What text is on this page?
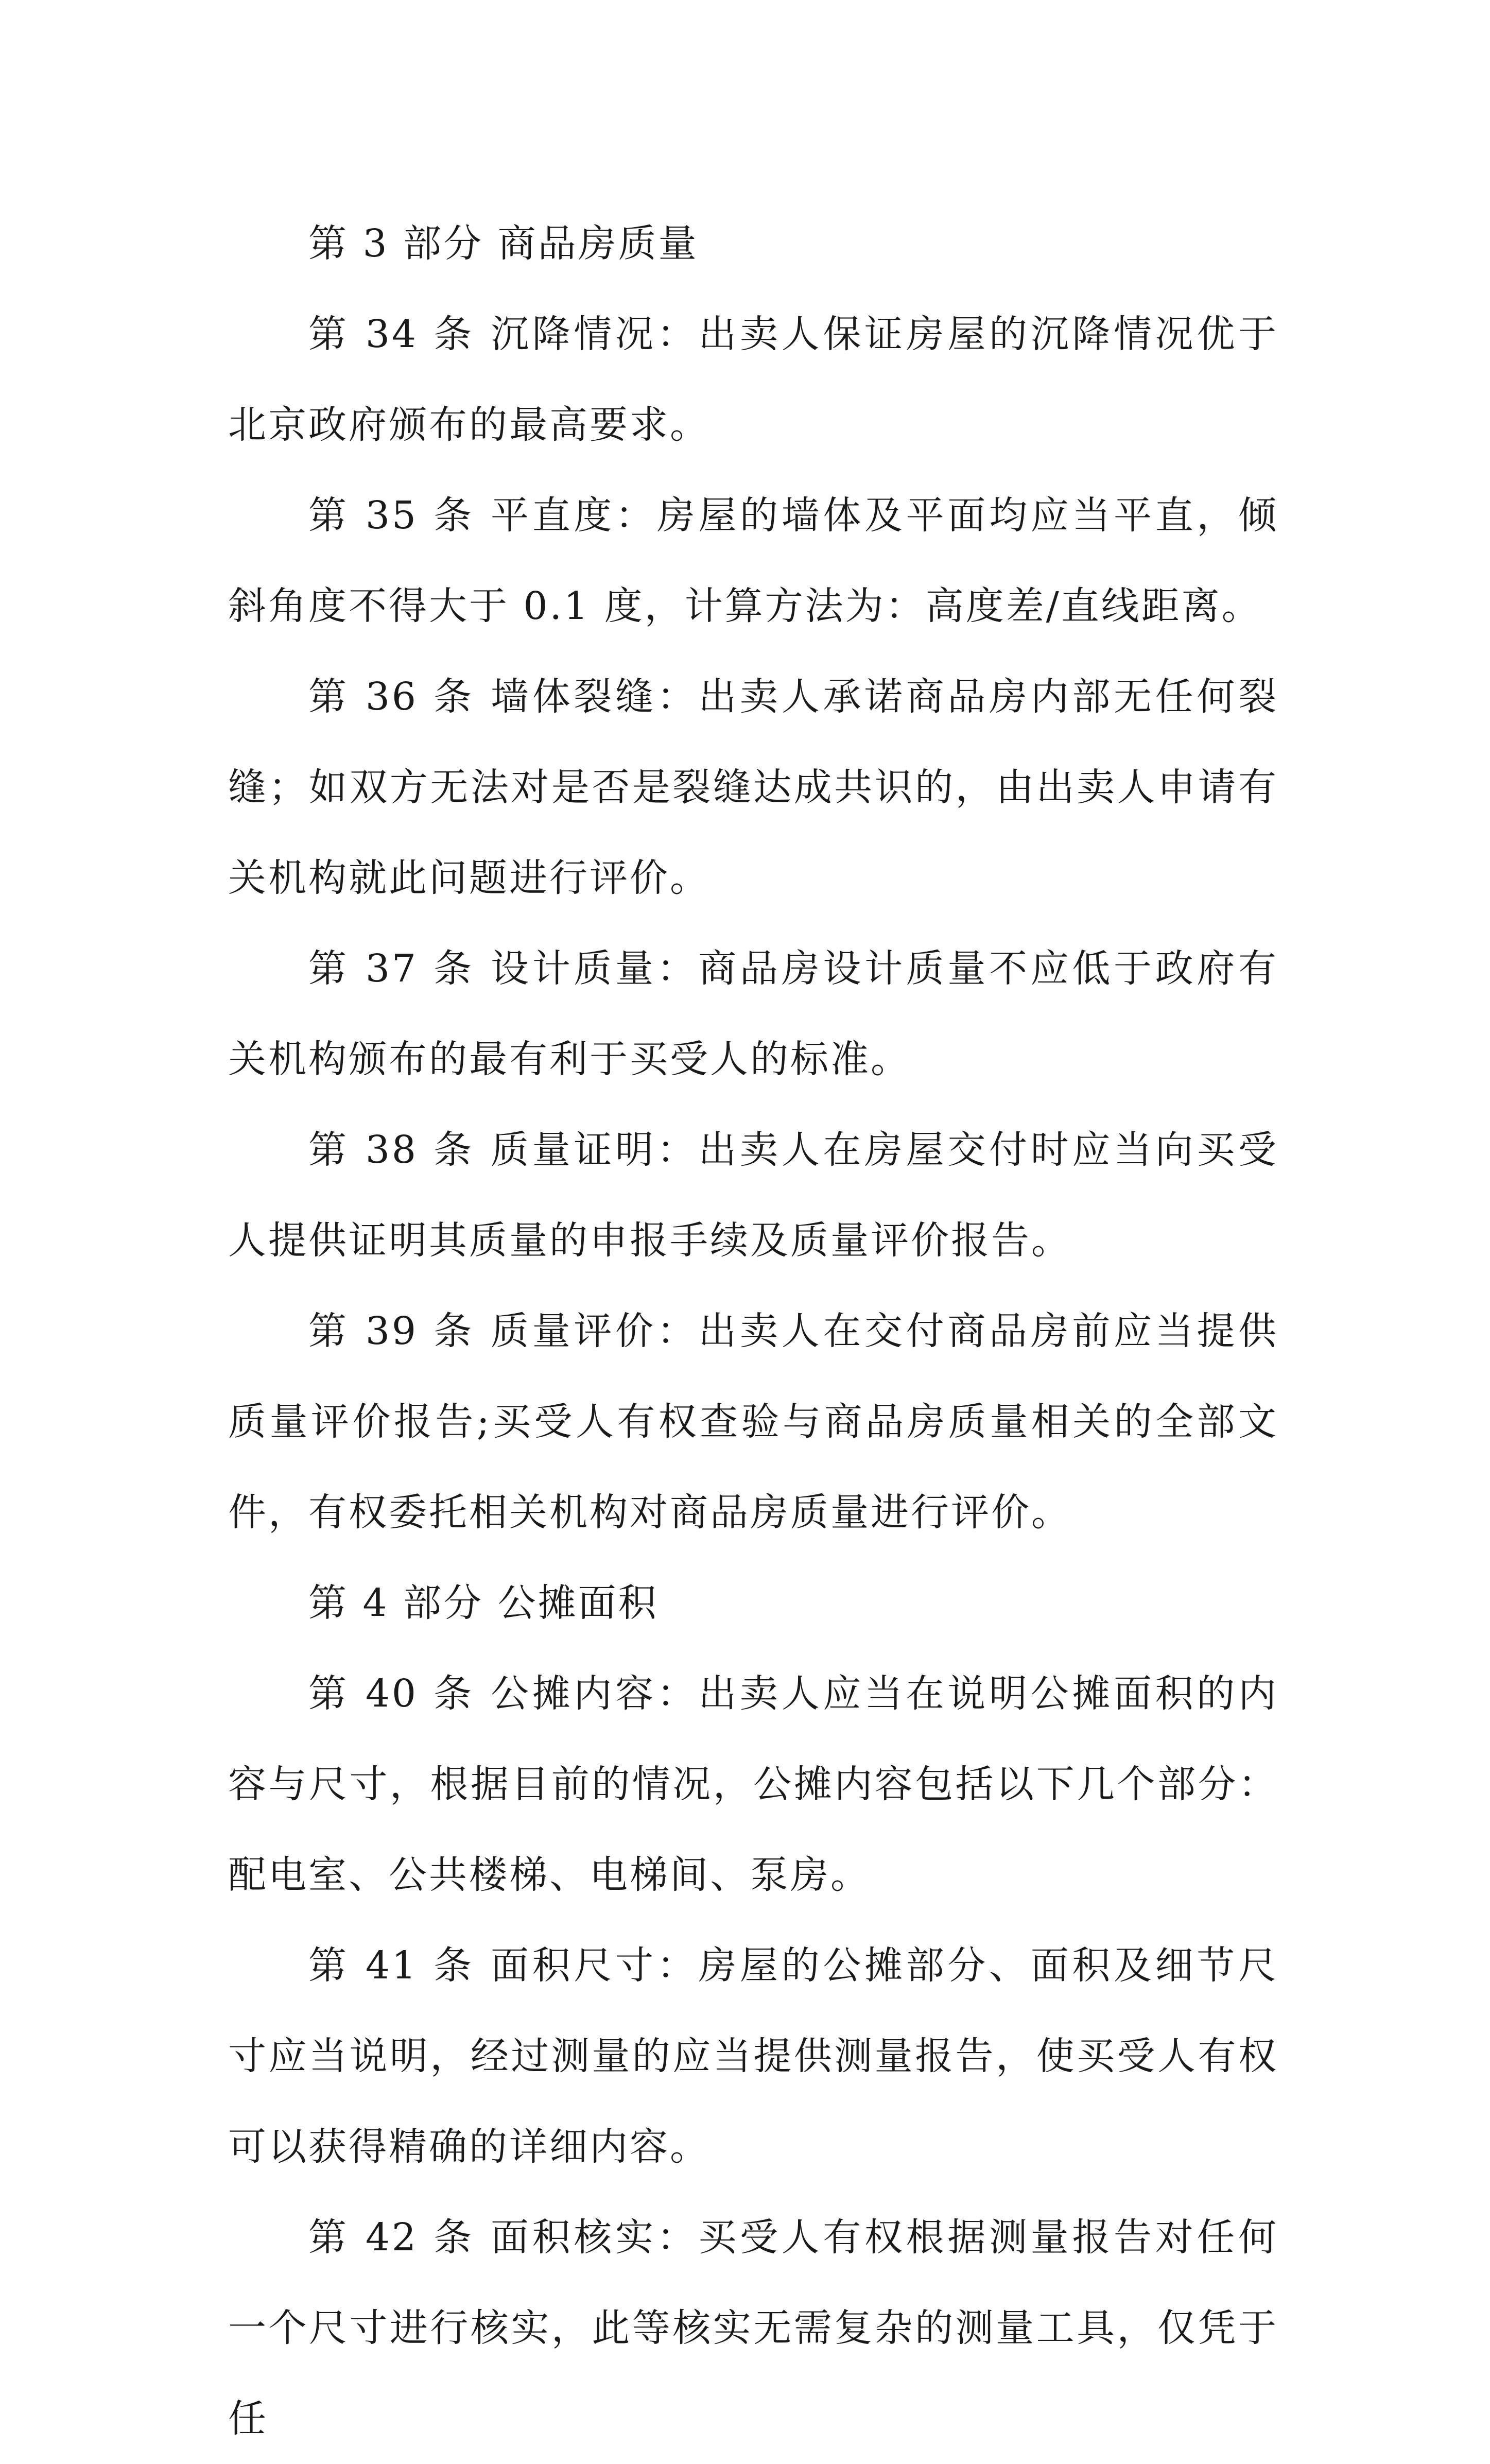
第 3 部分 商品房质量

第 34 条 沉降情况：出卖人保证房屋的沉降情况优于北京政府颁布的最高要求。

第 35 条 平直度：房屋的墙体及平面均应当平直，倾斜角度不得大于 0.1 度，计算方法为：高度差/直线距离。

第 36 条 墙体裂缝：出卖人承诺商品房内部无任何裂缝；如双方无法对是否是裂缝达成共识的，由出卖人申请有关机构就此问题进行评价。

第 37 条 设计质量：商品房设计质量不应低于政府有关机构颁布的最有利于买受人的标准。

第 38 条 质量证明：出卖人在房屋交付时应当向买受人提供证明其质量的申报手续及质量评价报告。

第 39 条 质量评价：出卖人在交付商品房前应当提供质量评价报告;买受人有权查验与商品房质量相关的全部文件，有权委托相关机构对商品房质量进行评价。

第 4 部分 公摊面积

第 40 条 公摊内容：出卖人应当在说明公摊面积的内容与尺寸，根据目前的情况，公摊内容包括以下几个部分：配电室、公共楼梯、电梯间、泵房。

第 41 条 面积尺寸：房屋的公摊部分、面积及细节尺寸应当说明，经过测量的应当提供测量报告，使买受人有权可以获得精确的详细内容。

第 42 条 面积核实：买受人有权根据测量报告对任何一个尺寸进行核实，此等核实无需复杂的测量工具，仅凭于任
